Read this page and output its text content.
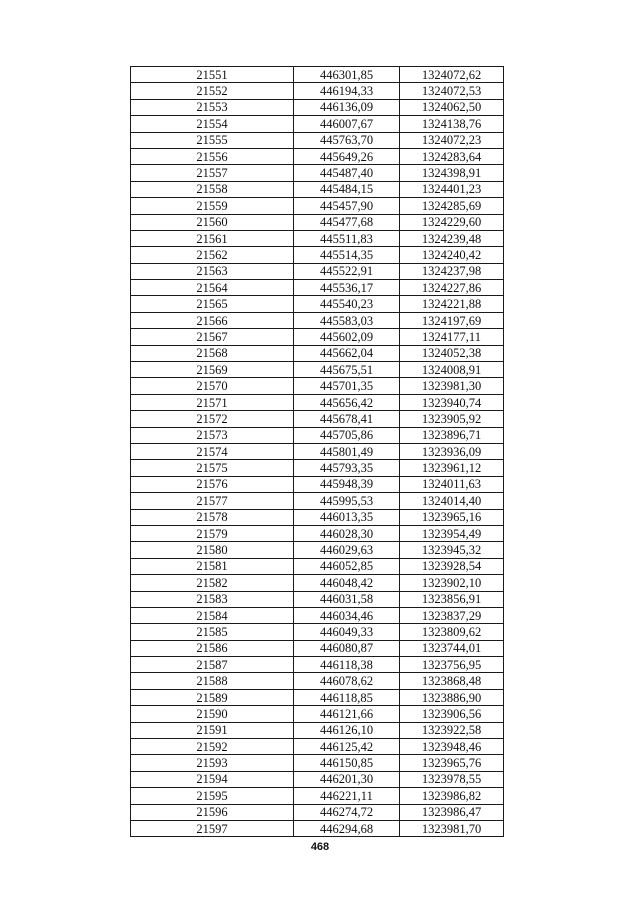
21551	446301,85	1324072,62
21552	446194,33	1324072,53
21553	446136,09	1324062,50
21554	446007,67	1324138,76
21555	445763,70	1324072,23
21556	445649,26	1324283,64
21557	445487,40	1324398,91
21558	445484,15	1324401,23
21559	445457,90	1324285,69
21560	445477,68	1324229,60
21561	445511,83	1324239,48
21562	445514,35	1324240,42
21563	445522,91	1324237,98
21564	445536,17	1324227,86
21565	445540,23	1324221,88
21566	445583,03	1324197,69
21567	445602,09	1324177,11
21568	445662,04	1324052,38
21569	445675,51	1324008,91
21570	445701,35	1323981,30
21571	445656,42	1323940,74
21572	445678,41	1323905,92
21573	445705,86	1323896,71
21574	445801,49	1323936,09
21575	445793,35	1323961,12
21576	445948,39	1324011,63
21577	445995,53	1324014,40
21578	446013,35	1323965,16
21579	446028,30	1323954,49
21580	446029,63	1323945,32
21581	446052,85	1323928,54
21582	446048,42	1323902,10
21583	446031,58	1323856,91
21584	446034,46	1323837,29
21585	446049,33	1323809,62
21586	446080,87	1323744,01
21587	446118,38	1323756,95
21588	446078,62	1323868,48
21589	446118,85	1323886,90
21590	446121,66	1323906,56
21591	446126,10	1323922,58
21592	446125,42	1323948,46
21593	446150,85	1323965,76
21594	446201,30	1323978,55
21595	446221,11	1323986,82
21596	446274,72	1323986,47
21597	446294,68	1323981,70
468
